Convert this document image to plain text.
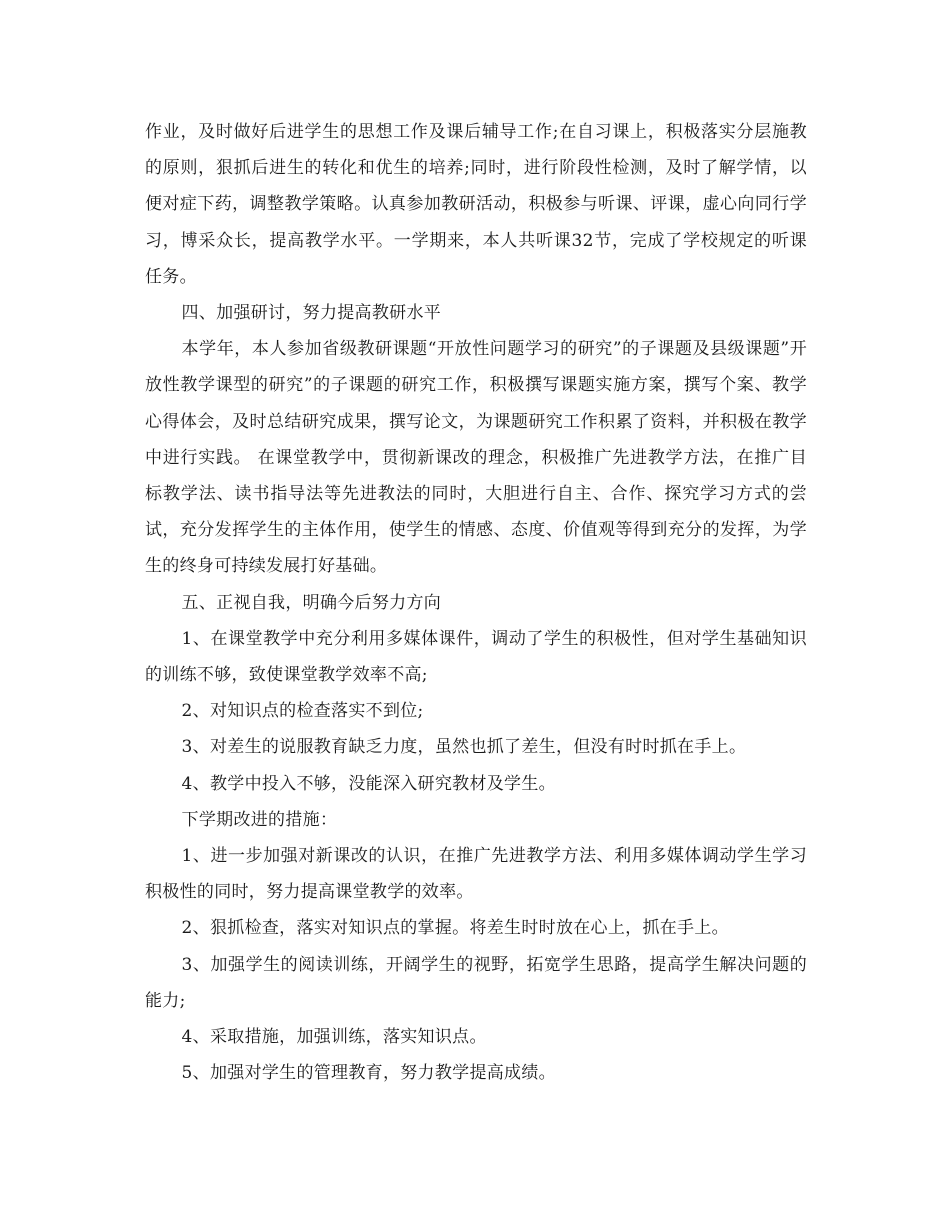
作业，及时做好后进学生的思想工作及课后辅导工作;在自习课上，积极落实分层施教的原则，狠抓后进生的转化和优生的培养;同时，进行阶段性检测，及时了解学情，以便对症下药，调整教学策略。认真参加教研活动，积极参与听课、评课，虚心向同行学习，博采众长，提高教学水平。一学期来，本人共听课32节，完成了学校规定的听课任务。

四、加强研讨，努力提高教研水平

本学年，本人参加省级教研课题“开放性问题学习的研究”的子课题及县级课题”开放性教学课型的研究”的子课题的研究工作，积极撰写课题实施方案，撰写个案、教学心得体会，及时总结研究成果，撰写论文，为课题研究工作积累了资料，并积极在教学中进行实践。 在课堂教学中，贯彻新课改的理念，积极推广先进教学方法，在推广目标教学法、读书指导法等先进教法的同时，大胆进行自主、合作、探究学习方式的尝试，充分发挥学生的主体作用，使学生的情感、态度、价值观等得到充分的发挥，为学生的终身可持续发展打好基础。

五、正视自我，明确今后努力方向

1、在课堂教学中充分利用多媒体课件，调动了学生的积极性，但对学生基础知识的训练不够，致使课堂教学效率不高;

2、对知识点的检查落实不到位;

3、对差生的说服教育缺乏力度，虽然也抓了差生，但没有时时抓在手上。

4、教学中投入不够，没能深入研究教材及学生。

下学期改进的措施：

1、进一步加强对新课改的认识，在推广先进教学方法、利用多媒体调动学生学习积极性的同时，努力提高课堂教学的效率。

2、狠抓检查，落实对知识点的掌握。将差生时时放在心上，抓在手上。

3、加强学生的阅读训练，开阔学生的视野，拓宽学生思路，提高学生解决问题的能力;

4、采取措施，加强训练，落实知识点。

5、加强对学生的管理教育，努力教学提高成绩。
